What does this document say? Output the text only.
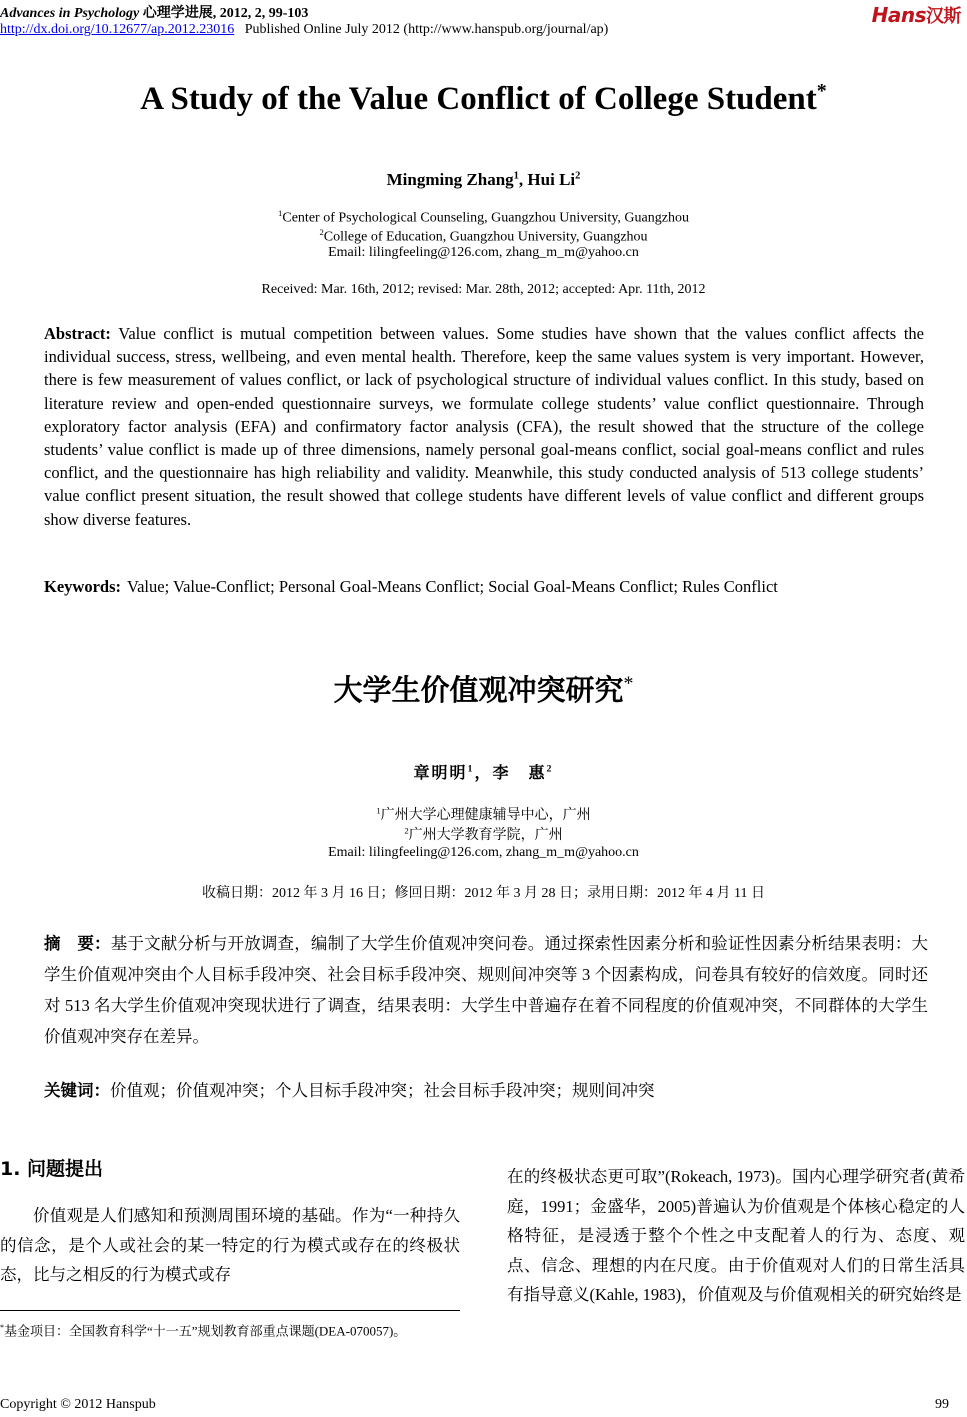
Advances in Psychology 心理学进展, 2012, 2, 99-103
http://dx.doi.org/10.12677/ap.2012.23016 Published Online July 2012 (http://www.hanspub.org/journal/ap)
Hans汉斯
A Study of the Value Conflict of College Student*
Mingming Zhang$^1$, Hui Li$^2$
$^1$Center of Psychological Counseling, Guangzhou University, Guangzhou
$^2$College of Education, Guangzhou University, Guangzhou
Email: lilingfeeling@126.com, zhang_m_m@yahoo.cn
Received: Mar. 16th, 2012; revised: Mar. 28th, 2012; accepted: Apr. 11th, 2012
Abstract: Value conflict is mutual competition between values. Some studies have shown that the values conflict affects the individual success, stress, wellbeing, and even mental health. Therefore, keep the same values system is very important. However, there is few measurement of values conflict, or lack of psychological structure of individual values conflict. In this study, based on literature review and open-ended questionnaire surveys, we formulate college students’ value conflict questionnaire. Through exploratory factor analysis (EFA) and confirmatory factor analysis (CFA), the result showed that the structure of the college students’ value conflict is made up of three dimensions, namely personal goal-means conflict, social goal-means conflict and rules conflict, and the questionnaire has high reliability and validity. Meanwhile, this study conducted analysis of 513 college students’ value conflict present situation, the result showed that college students have different levels of value conflict and different groups show diverse features.
Keywords: Value; Value-Conflict; Personal Goal-Means Conflict; Social Goal-Means Conflict; Rules Conflict
大学生价值观冲突研究*
章明明$^1$，李　惠$^2$
$^1$广州大学心理健康辅导中心，广州
$^2$广州大学教育学院，广州
Email: lilingfeeling@126.com, zhang_m_m@yahoo.cn
收稿日期：2012 年 3 月 16 日；修回日期：2012 年 3 月 28 日；录用日期：2012 年 4 月 11 日
摘　要：基于文献分析与开放调查，编制了大学生价值观冲突问卷。通过探索性因素分析和验证性因素分析结果表明：大学生价值观冲突由个人目标手段冲突、社会目标手段冲突、规则间冲突等 3 个因素构成，问卷具有较好的信效度。同时还对 513 名大学生价值观冲突现状进行了调查，结果表明：大学生中普遍存在着不同程度的价值观冲突，不同群体的大学生价值观冲突存在差异。
关键词：价值观；价值观冲突；个人目标手段冲突；社会目标手段冲突；规则间冲突
1. 问题提出
价值观是人们感知和预测周围环境的基础。作为“一种持久的信念，是个人或社会的某一特定的行为模式或存在的终极状态，比与之相反的行为模式或存
在的终极状态更可取”(Rokeach, 1973)。国内心理学研究者(黄希庭，1991；金盛华，2005)普遍认为价值观是个体核心稳定的人格特征，是浸透于整个个性之中支配着人的行为、态度、观点、信念、理想的内在尺度。由于价值观对人们的日常生活具有指导意义(Kahle, 1983)，价值观及与价值观相关的研究始终是
*基金项目：全国教育科学“十一五”规划教育部重点课题(DEA-070057)。
Copyright © 2012 Hanspub	99
